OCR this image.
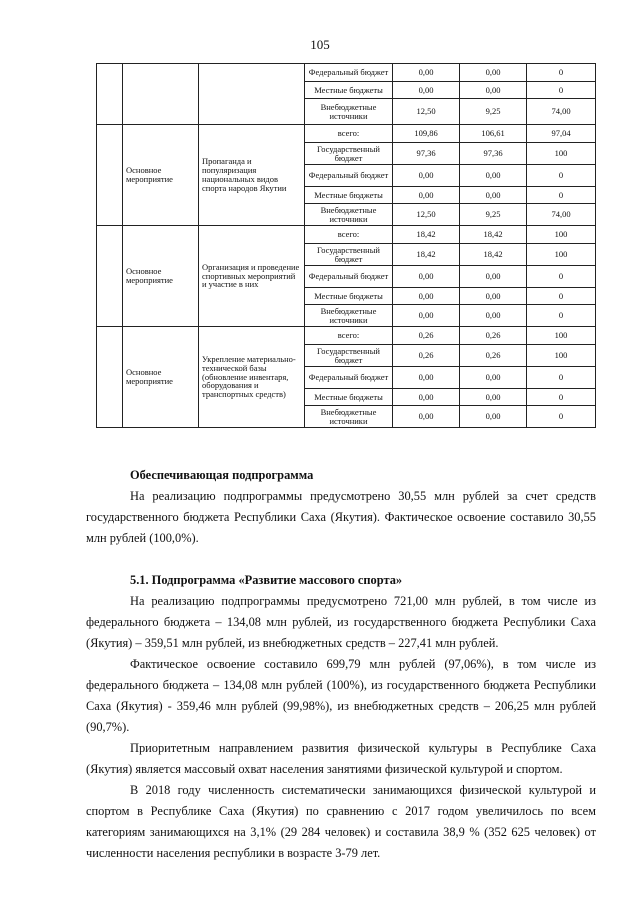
105
			Федеральный бюджет	0,00	0,00	0
			Местные бюджеты	0,00	0,00	0
			Внебюджетные источники	12,50	9,25	74,00
	Основное мероприятие	Пропаганда и популяризация национальных видов спорта народов Якутии	всего:	109,86	106,61	97,04
			Государственный бюджет	97,36	97,36	100
			Федеральный бюджет	0,00	0,00	0
			Местные бюджеты	0,00	0,00	0
			Внебюджетные источники	12,50	9,25	74,00
	Основное мероприятие	Организация и проведение спортивных мероприятий и участие в них	всего:	18,42	18,42	100
			Государственный бюджет	18,42	18,42	100
			Федеральный бюджет	0,00	0,00	0
			Местные бюджеты	0,00	0,00	0
			Внебюджетные источники	0,00	0,00	0
	Основное мероприятие	Укрепление материально-технической базы (обновление инвентаря, оборудования и транспортных средств)	всего:	0,26	0,26	100
			Государственный бюджет	0,26	0,26	100
			Федеральный бюджет	0,00	0,00	0
			Местные бюджеты	0,00	0,00	0
			Внебюджетные источники	0,00	0,00	0

Обеспечивающая подпрограмма

На реализацию подпрограммы предусмотрено 30,55 млн рублей за счет средств государственного бюджета Республики Саха (Якутия). Фактическое освоение составило 30,55 млн рублей (100,0%).

5.1. Подпрограмма «Развитие массового спорта»

На реализацию подпрограммы предусмотрено 721,00 млн рублей, в том числе из федерального бюджета – 134,08 млн рублей, из государственного бюджета Республики Саха (Якутия) – 359,51 млн рублей, из внебюджетных средств – 227,41 млн рублей.

Фактическое освоение составило 699,79 млн рублей (97,06%), в том числе из федерального бюджета – 134,08 млн рублей (100%), из государственного бюджета Республики Саха (Якутия) - 359,46 млн рублей (99,98%), из внебюджетных средств – 206,25 млн рублей (90,7%).

Приоритетным направлением развития физической культуры в Республике Саха (Якутия) является массовый охват населения занятиями физической культурой и спортом.

В 2018 году численность систематически занимающихся физической культурой и спортом в Республике Саха (Якутия) по сравнению с 2017 годом увеличилось по всем категориям занимающихся на 3,1% (29 284 человек) и составила 38,9 % (352 625 человек) от численности населения республики в возрасте 3-79 лет.
